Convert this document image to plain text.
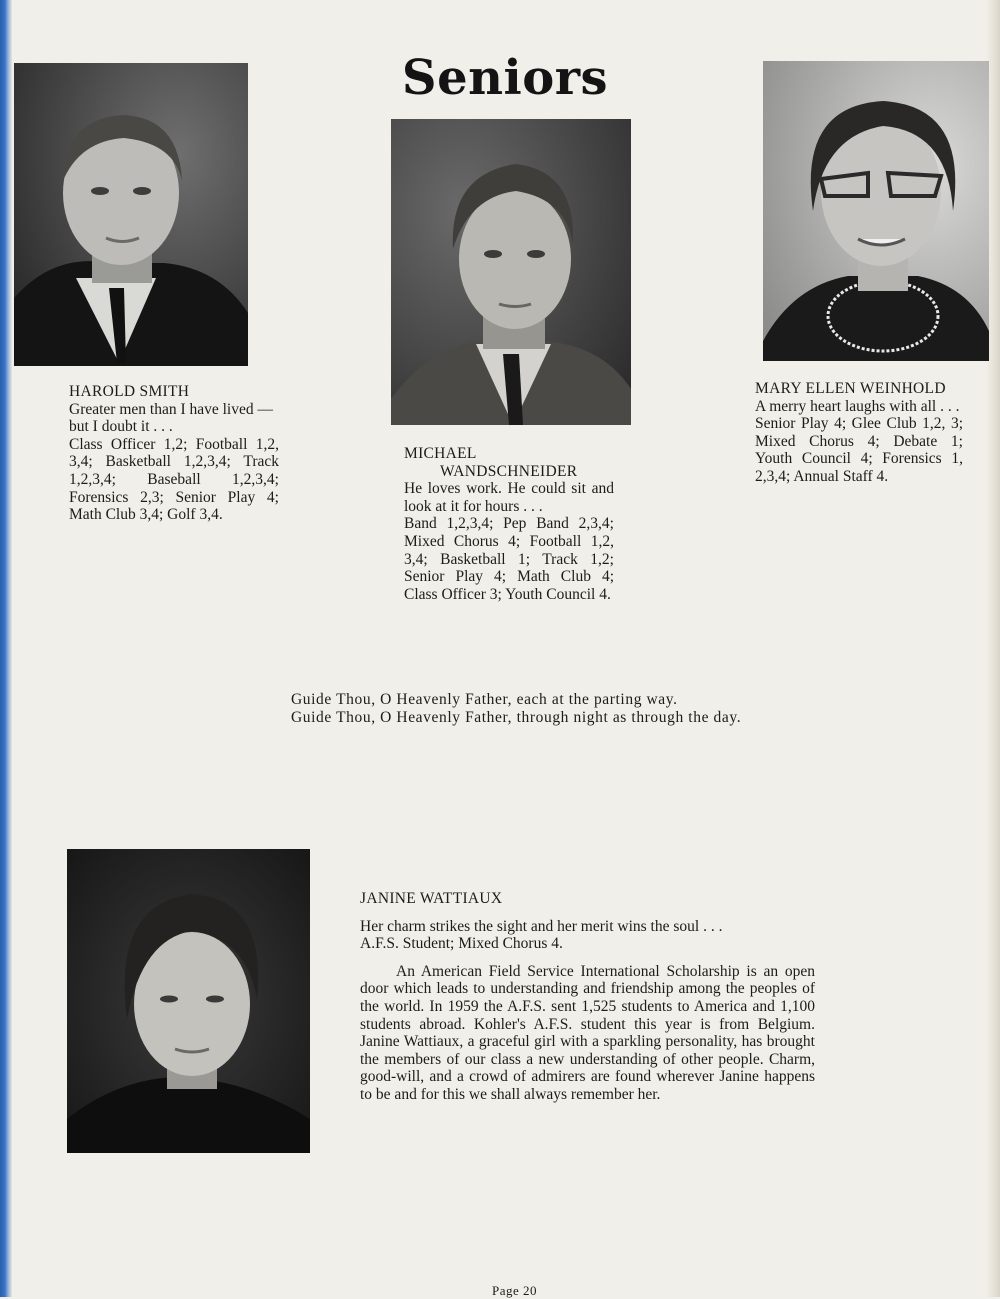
Seniors

HAROLD SMITH

Greater men than I have lived —but I doubt it . . .

Class Officer 1,2; Football 1,2, 3,4; Basketball 1,2,3,4; Track 1,2,3,4; Baseball 1,2,3,4; Forensics 2,3; Senior Play 4; Math Club 3,4; Golf 3,4.

MICHAEL

WANDSCHNEIDER

He loves work. He could sit and look at it for hours . . .

Band 1,2,3,4; Pep Band 2,3,4; Mixed Chorus 4; Football 1,2, 3,4; Basketball 1; Track 1,2; Senior Play 4; Math Club 4; Class Officer 3; Youth Council 4.

MARY ELLEN WEINHOLD

A merry heart laughs with all . . .

Senior Play 4; Glee Club 1,2, 3; Mixed Chorus 4; Debate 1; Youth Council 4; Forensics 1, 2,3,4; Annual Staff 4.

Guide Thou, O Heavenly Father, each at the parting way.
Guide Thou, O Heavenly Father, through night as through the day.

JANINE WATTIAUX

Her charm strikes the sight and her merit wins the soul . . .

A.F.S. Student; Mixed Chorus 4.

An American Field Service International Scholarship is an open door which leads to understanding and friendship among the peoples of the world. In 1959 the A.F.S. sent 1,525 students to America and 1,100 students abroad. Kohler's A.F.S. student this year is from Belgium. Janine Wattiaux, a graceful girl with a sparkling personality, has brought the members of our class a new understanding of other people. Charm, good-will, and a crowd of admirers are found wherever Janine happens to be and for this we shall always remember her.

Page 20
